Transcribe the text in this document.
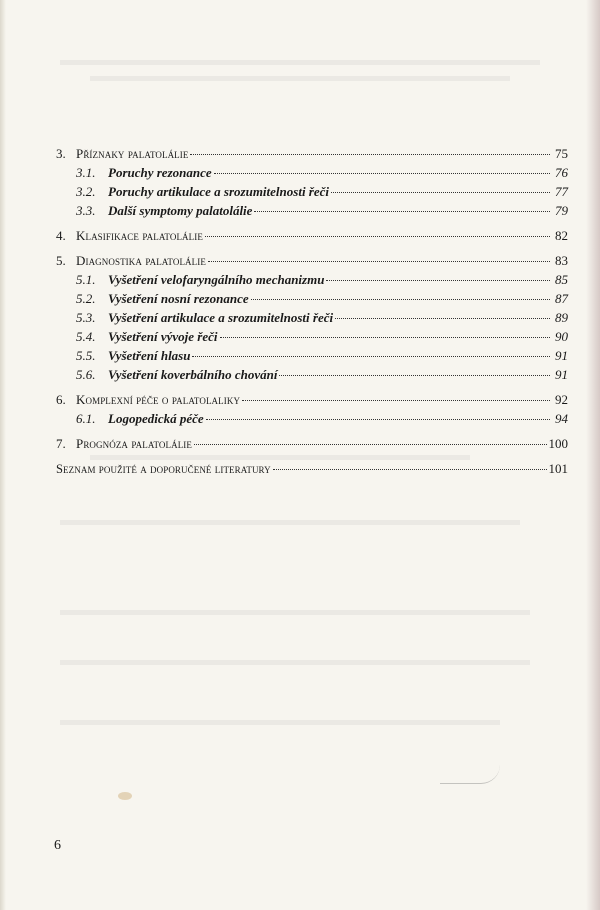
3. Příznaky palatolálie	75
3.1. Poruchy rezonance	76
3.2. Poruchy artikulace a srozumitelnosti řeči	77
3.3. Další symptomy palatolálie	79
4. Klasifikace palatolálie	82
5. Diagnostika palatolálie	83
5.1. Vyšetření velofaryngálního mechanizmu	85
5.2. Vyšetření nosní rezonance	87
5.3. Vyšetření artikulace a srozumitelnosti řeči	89
5.4. Vyšetření vývoje řeči	90
5.5. Vyšetření hlasu	91
5.6. Vyšetření koverbálního chování	91
6. Komplexní péče o palatolaliky	92
6.1. Logopedická péče	94
7. Prognóza palatolálie	100
Seznam použité a doporučené literatury	101
6
